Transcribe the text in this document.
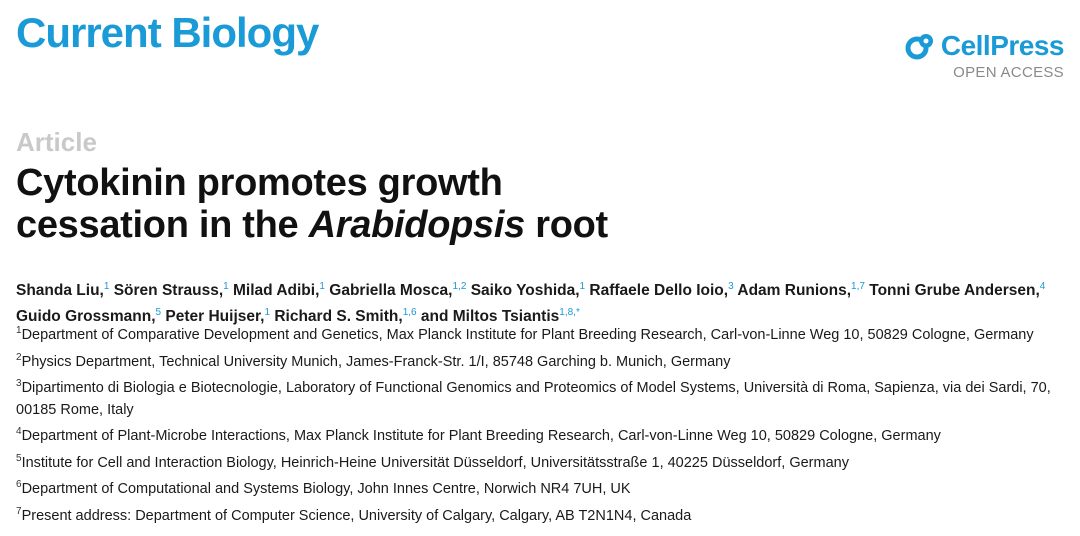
Current Biology	CellPress
OPEN ACCESS
Article
Cytokinin promotes growth
cessation in the Arabidopsis root
Shanda Liu,$^1$ Sören Strauss,$^1$ Milad Adibi,$^1$ Gabriella Mosca,$^{1,2}$ Saiko Yoshida,$^1$ Raffaele Dello Ioio,$^3$ Adam Runions,$^{1,7}$ Tonni Grube Andersen,$^4$ Guido Grossmann,$^5$ Peter Huijser,$^1$ Richard S. Smith,$^{1,6}$ and Miltos Tsiantis$^{1,8,*}$
$^1$Department of Comparative Development and Genetics, Max Planck Institute for Plant Breeding Research, Carl-von-Linne Weg 10, 50829 Cologne, Germany
$^2$Physics Department, Technical University Munich, James-Franck-Str. 1/I, 85748 Garching b. Munich, Germany
$^3$Dipartimento di Biologia e Biotecnologie, Laboratory of Functional Genomics and Proteomics of Model Systems, Università di Roma, Sapienza, via dei Sardi, 70, 00185 Rome, Italy
$^4$Department of Plant-Microbe Interactions, Max Planck Institute for Plant Breeding Research, Carl-von-Linne Weg 10, 50829 Cologne, Germany
$^5$Institute for Cell and Interaction Biology, Heinrich-Heine Universität Düsseldorf, Universitätsstraße 1, 40225 Düsseldorf, Germany
$^6$Department of Computational and Systems Biology, John Innes Centre, Norwich NR4 7UH, UK
$^7$Present address: Department of Computer Science, University of Calgary, Calgary, AB T2N1N4, Canada
